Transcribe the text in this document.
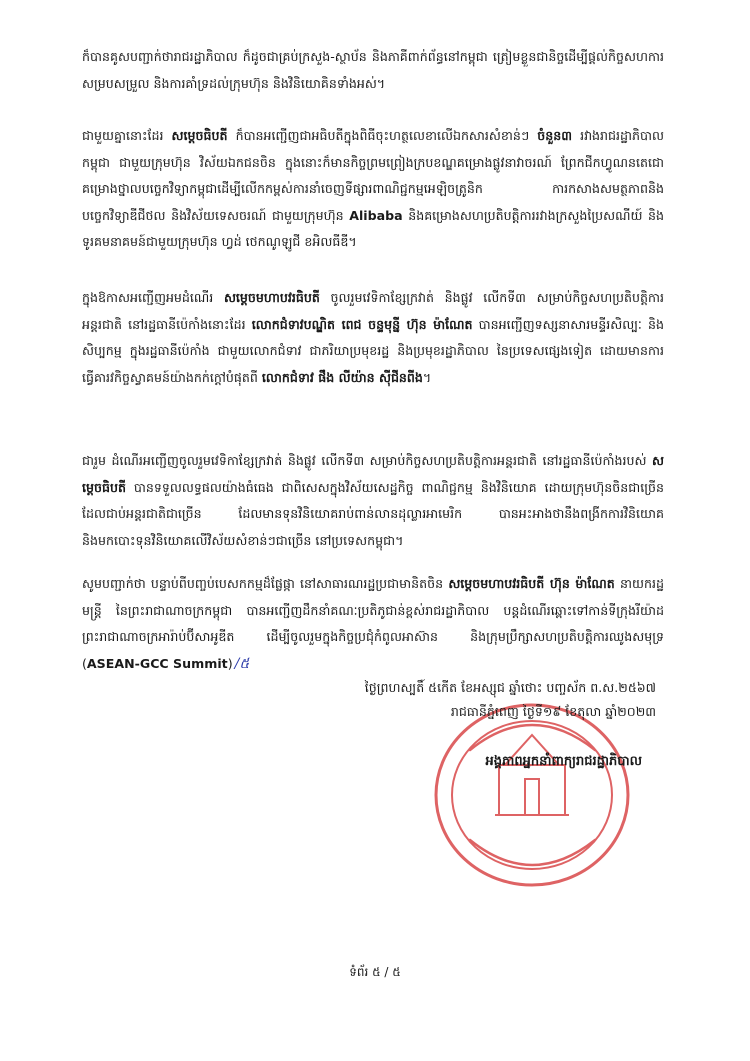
ក៏បានគូសបញ្ជាក់ថារាជរដ្ឋាភិបាល ក៏ដូចជាគ្រប់ក្រសួង-ស្ថាប័ន និងភាគីពាក់ព័ន្ធនៅកម្ពុជា ត្រៀមខ្លួនជានិច្ចដើម្បីផ្តល់កិច្ចសហការ សម្របសម្រួល និងការគាំទ្រដល់ក្រុមហ៊ុន និងវិនិយោគិនទាំងអស់។

ជាមួយគ្នានោះដែរ សម្តេចធិបតី ក៏បានអញ្ជើញជាអធិបតីក្នុងពិធីចុះហត្ថលេខាលើឯកសារសំខាន់ៗ ចំនួន៣ រវាងរាជរដ្ឋាភិបាលកម្ពុជា ជាមួយក្រុមហ៊ុន វិស័យឯកជនចិន ក្នុងនោះក៏មានកិច្ចព្រមព្រៀងក្របខណ្ឌគម្រោងផ្លូវនាវាចរណ៍ ព្រែកជីកហ្វូណនតេជោ គម្រោងថ្នាលបច្ចេកវិទ្យាកម្ពុជាដើម្បីលើកកម្ពស់ការនាំចេញទីផ្សារពាណិជ្ជកម្មអេឡិចត្រូនិក ការកសាងសមត្ថភាពនិងបច្ចេកវិទ្យាឌីជីថល និងវិស័យទេសចរណ៍ ជាមួយក្រុមហ៊ុន Alibaba និងគម្រោងសហប្រតិបត្តិការរវាងក្រសួងប្រៃសណីយ៍ និងទូរគមនាគមន៍ជាមួយក្រុមហ៊ុន ហ្វដ់ ថេកណូឡូជី ខអិលធីឌី។

ក្នុងឱកាសអញ្ជើញអមដំណើរ សម្តេចមហាបវរធិបតី ចូលរួមវេទិកាខ្សែក្រវាត់ និងផ្លូវ លើកទី៣ សម្រាប់កិច្ចសហប្រតិបត្តិការអន្តរជាតិ នៅរដ្ឋធានីប៉េកាំងនោះដែរ លោកជំទាវបណ្ឌិត ពេជ ចន្ទមុន្នី ហ៊ុន ម៉ាណែត បានអញ្ជើញទស្សនាសារមន្ទីរសិល្បៈ និងសិប្បកម្ម ក្នុងរដ្ឋធានីប៉េកាំង ជាមួយលោកជំទាវ ជាភរិយាប្រមុខរដ្ឋ និងប្រមុខរដ្ឋាភិបាល នៃប្រទេសផ្សេងទៀត ដោយមានការធ្វើគារវកិច្ចស្វាគមន៍យ៉ាងកក់ក្តៅបំផុតពី លោកជំទាវ ផឹង លីយ៉ាន ស៊ីជីនពីង។

ជារួម ដំណើរអញ្ជើញចូលរួមវេទិកាខ្សែក្រវាត់ និងផ្លូវ លើកទី៣ សម្រាប់កិច្ចសហប្រតិបត្តិការអន្តរជាតិ នៅរដ្ឋធានីប៉េកាំងរបស់ សម្តេចធិបតី បានទទួលលទ្ធផលយ៉ាងធំធេង ជាពិសេសក្នុងវិស័យសេដ្ឋកិច្ច ពាណិជ្ជកម្ម និងវិនិយោគ ដោយក្រុមហ៊ុនចិនជាច្រើនដែលជាប់អន្តរជាតិជាច្រើន ដែលមានទុនវិនិយោគរាប់ពាន់លានដុល្លារអាមេរិក បានអះអាងថានឹងពង្រីកការវិនិយោគ និងមកបោះទុនវិនិយោគលើវិស័យសំខាន់ៗជាច្រើន នៅប្រទេសកម្ពុជា។

សូមបញ្ជាក់ថា បន្ទាប់ពីបញ្ចប់បេសកកម្មដ៏ផ្លែផ្កា នៅសាធារណរដ្ឋប្រជាមានិតចិន សម្តេចមហាបវរធិបតី ហ៊ុន ម៉ាណែត នាយករដ្ឋមន្ត្រី នៃព្រះរាជាណាចក្រកម្ពុជា បានអញ្ជើញដឹកនាំគណៈប្រតិភូជាន់ខ្ពស់រាជរដ្ឋាភិបាល បន្តដំណើរឆ្ពោះទៅកាន់ទីក្រុងរីយ៉ាដ ព្រះរាជាណាចក្រអារ៉ាប់ប៊ីសាអូឌីត ដើម្បីចូលរួមក្នុងកិច្ចប្រជុំកំពូលអាស៊ាន និងក្រុមប្រឹក្សាសហប្រតិបត្តិការឈូងសមុទ្រ (ASEAN-GCC Summit) /៥

ថ្ងៃព្រហស្បតិ៍ ៥កើត ខែអស្សុជ ឆ្នាំថោះ បញ្ចស័ក ព.ស.២៥៦៧
រាជធានីភ្នំពេញ ថ្ងៃទី១៩ ខែតុលា ឆ្នាំ២០២៣
អង្គភាពអ្នកនាំពាក្យរាជរដ្ឋាភិបាល
ទំព័រ ៥ / ៥
